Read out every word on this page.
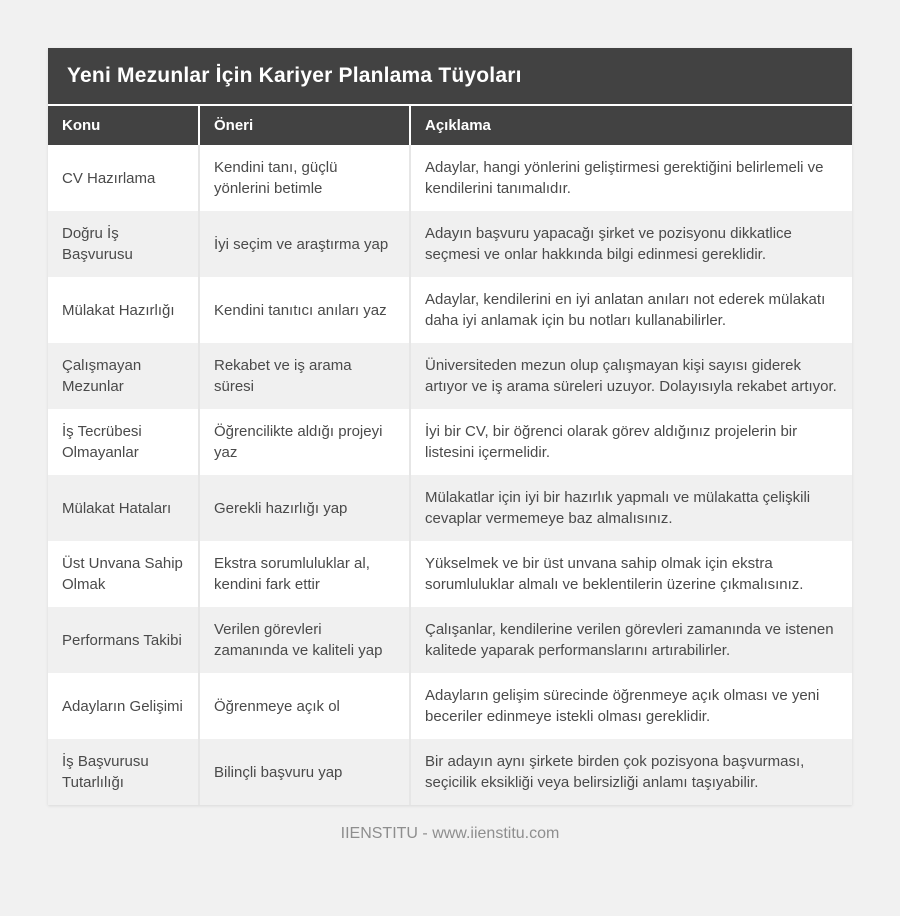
Yeni Mezunlar İçin Kariyer Planlama Tüyoları
Konu	Öneri	Açıklama
CV Hazırlama	Kendini tanı, güçlü yönlerini betimle	Adaylar, hangi yönlerini geliştirmesi gerektiğini belirlemeli ve kendilerini tanımalıdır.
Doğru İş Başvurusu	İyi seçim ve araştırma yap	Adayın başvuru yapacağı şirket ve pozisyonu dikkatlice seçmesi ve onlar hakkında bilgi edinmesi gereklidir.
Mülakat Hazırlığı	Kendini tanıtıcı anıları yaz	Adaylar, kendilerini en iyi anlatan anıları not ederek mülakatı daha iyi anlamak için bu notları kullanabilirler.
Çalışmayan Mezunlar	Rekabet ve iş arama süresi	Üniversiteden mezun olup çalışmayan kişi sayısı giderek artıyor ve iş arama süreleri uzuyor. Dolayısıyla rekabet artıyor.
İş Tecrübesi Olmayanlar	Öğrencilikte aldığı projeyi yaz	İyi bir CV, bir öğrenci olarak görev aldığınız projelerin bir listesini içermelidir.
Mülakat Hataları	Gerekli hazırlığı yap	Mülakatlar için iyi bir hazırlık yapmalı ve mülakatta çelişkili cevaplar vermemeye baz almalısınız.
Üst Unvana Sahip Olmak	Ekstra sorumluluklar al, kendini fark ettir	Yükselmek ve bir üst unvana sahip olmak için ekstra sorumluluklar almalı ve beklentilerin üzerine çıkmalısınız.
Performans Takibi	Verilen görevleri zamanında ve kaliteli yap	Çalışanlar, kendilerine verilen görevleri zamanında ve istenen kalitede yaparak performanslarını artırabilirler.
Adayların Gelişimi	Öğrenmeye açık ol	Adayların gelişim sürecinde öğrenmeye açık olması ve yeni beceriler edinmeye istekli olması gereklidir.
İş Başvurusu Tutarlılığı	Bilinçli başvuru yap	Bir adayın aynı şirkete birden çok pozisyona başvurması, seçicilik eksikliği veya belirsizliği anlamı taşıyabilir.
IIENSTITU - www.iienstitu.com
